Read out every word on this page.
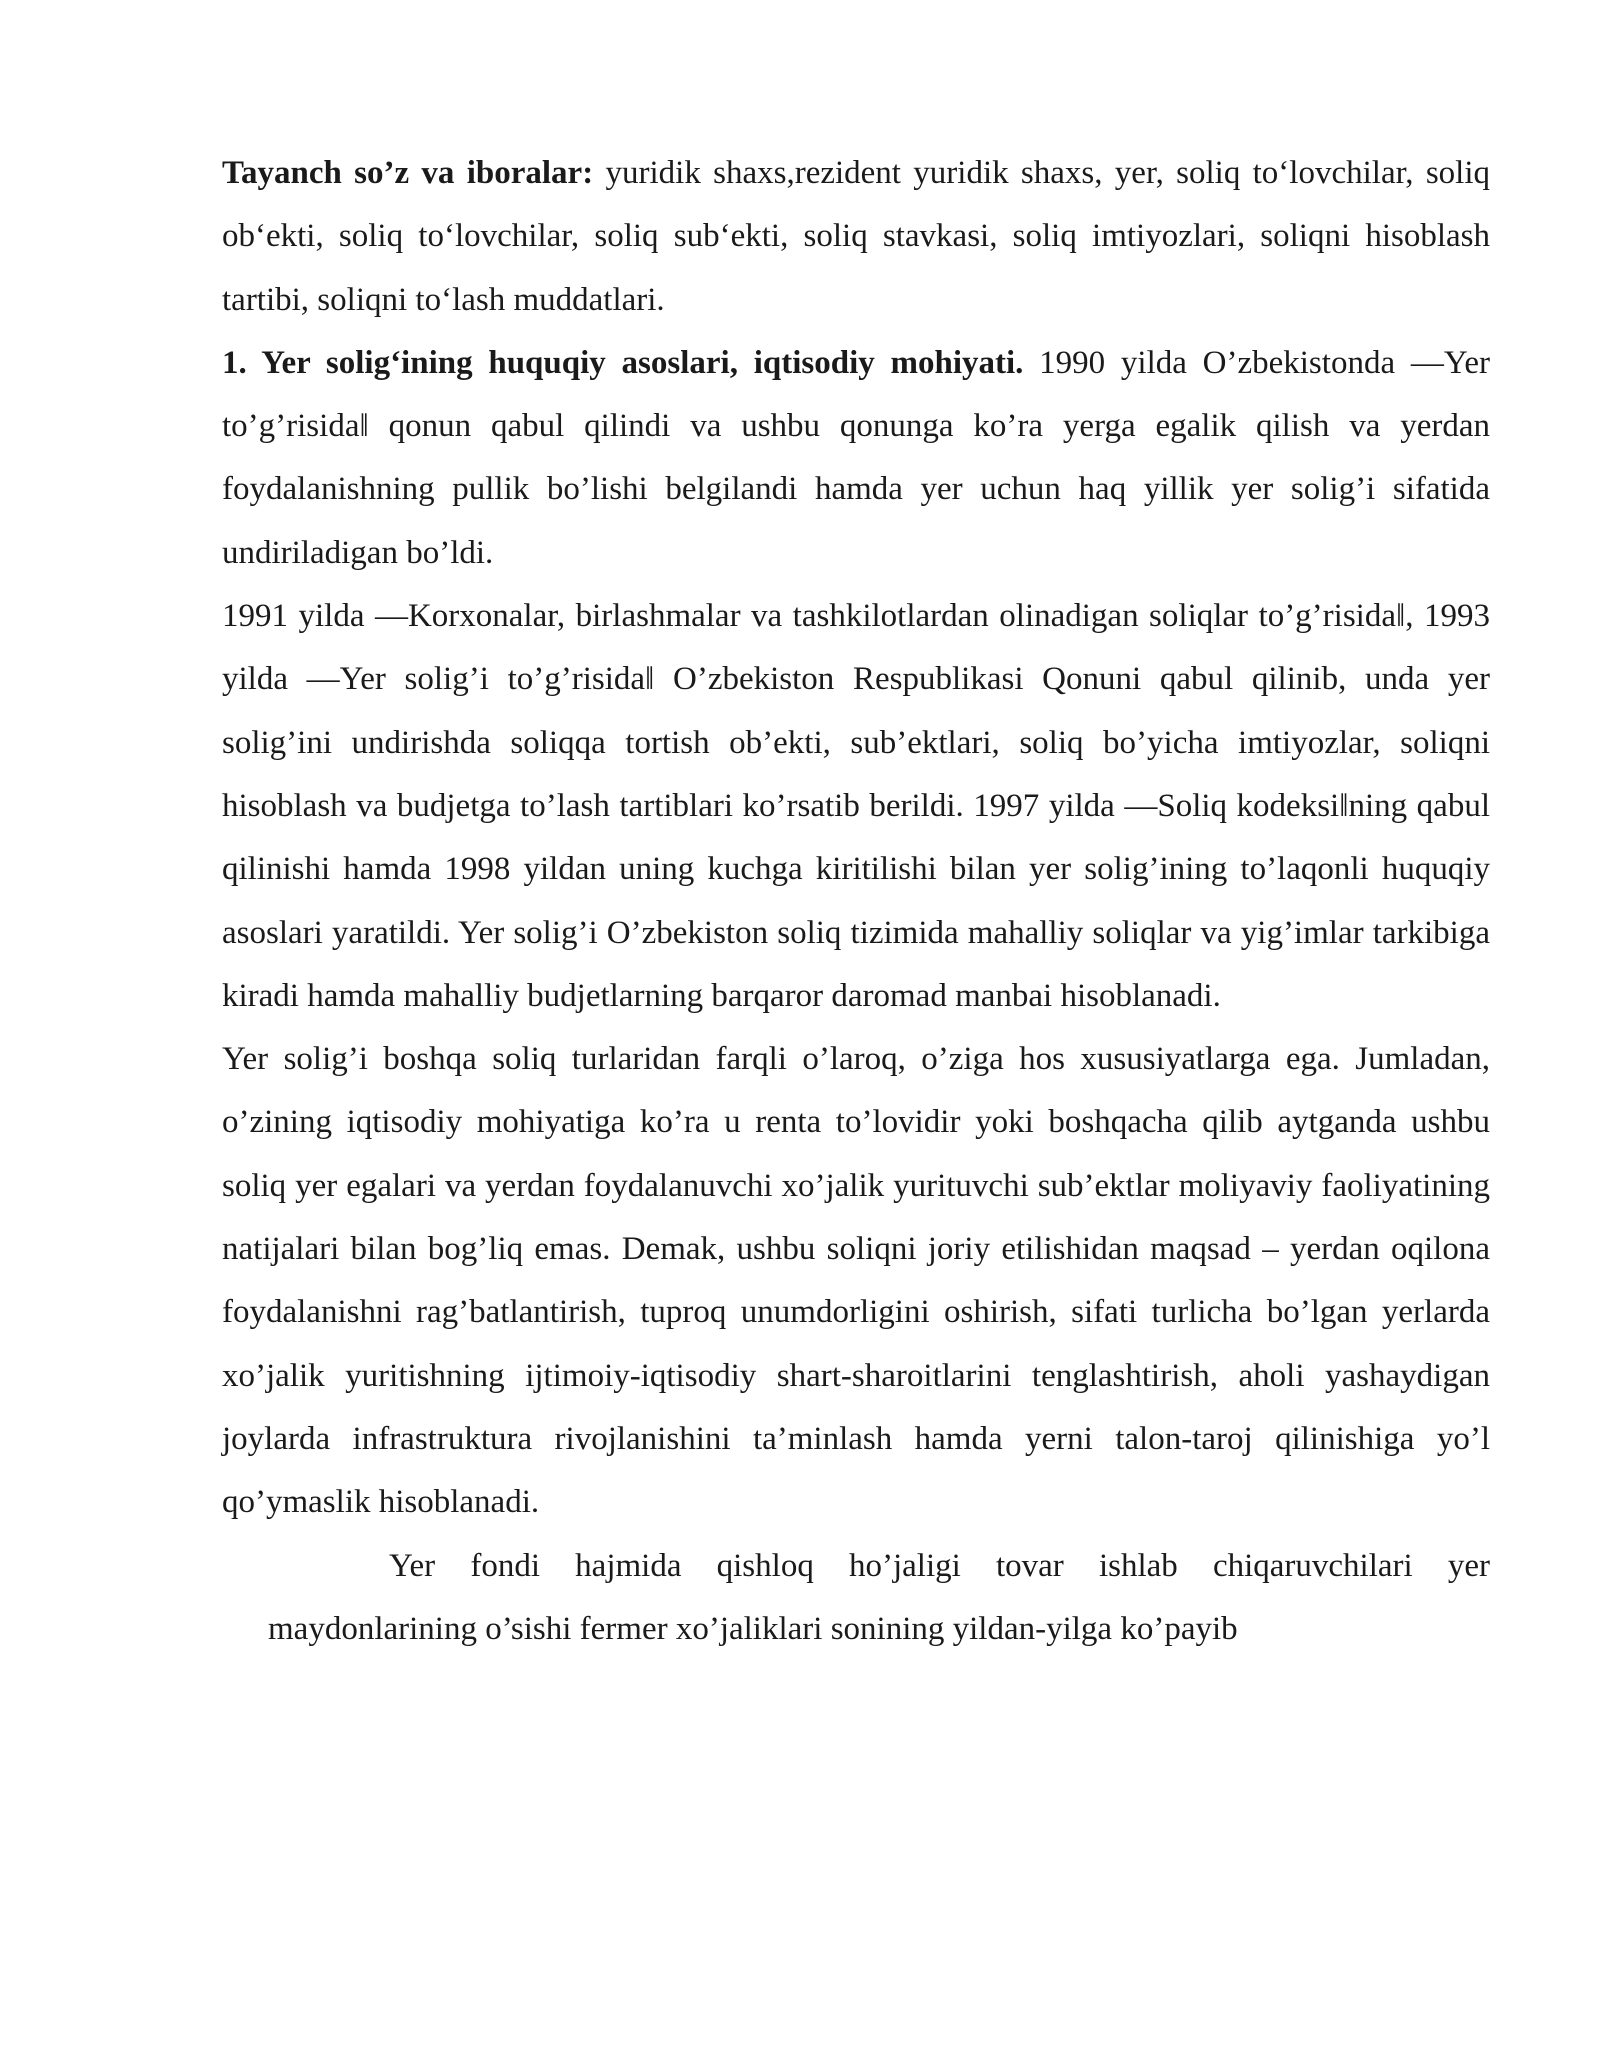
Tayanch so’z va iboralar: yuridik shaxs,rezident yuridik shaxs, yer, soliq to‘lovchilar, soliq ob‘ekti, soliq to‘lovchilar, soliq sub‘ekti, soliq stavkasi, soliq imtiyozlari, soliqni hisoblash tartibi, soliqni to‘lash muddatlari.

1. Yer solig‘ining huquqiy asoslari, iqtisodiy mohiyati. 1990 yilda O’zbekistonda ―Yer to’g’risida‖ qonun qabul qilindi va ushbu qonunga ko’ra yerga egalik qilish va yerdan foydalanishning pullik bo’lishi belgilandi hamda yer uchun haq yillik yer solig’i sifatida undiriladigan bo’ldi.

1991 yilda ―Korxonalar, birlashmalar va tashkilotlardan olinadigan soliqlar to’g’risida‖, 1993 yilda ―Yer solig’i to’g’risida‖ O’zbekiston Respublikasi Qonuni qabul qilinib, unda yer solig’ini undirishda soliqqa tortish ob’ekti, sub’ektlari, soliq bo’yicha imtiyozlar, soliqni hisoblash va budjetga to’lash tartiblari ko’rsatib berildi. 1997 yilda ―Soliq kodeksi‖ning qabul qilinishi hamda 1998 yildan uning kuchga kiritilishi bilan yer solig’ining to’laqonli huquqiy asoslari yaratildi. Yer solig’i O’zbekiston soliq tizimida mahalliy soliqlar va yig’imlar tarkibiga kiradi hamda mahalliy budjetlarning barqaror daromad manbai hisoblanadi.

Yer solig’i boshqa soliq turlaridan farqli o’laroq, o’ziga hos xususiyatlarga ega. Jumladan, o’zining iqtisodiy mohiyatiga ko’ra u renta to’lovidir yoki boshqacha qilib aytganda ushbu soliq yer egalari va yerdan foydalanuvchi xo’jalik yurituvchi sub’ektlar moliyaviy faoliyatining natijalari bilan bog’liq emas. Demak, ushbu soliqni joriy etilishidan maqsad – yerdan oqilona foydalanishni rag’batlantirish, tuproq unumdorligini oshirish, sifati turlicha bo’lgan yerlarda xo’jalik yuritishning ijtimoiy-iqtisodiy shart-sharoitlarini tenglashtirish, aholi yashaydigan joylarda infrastruktura rivojlanishini ta’minlash hamda yerni talon-taroj qilinishiga yo’l qo’ymaslik hisoblanadi.

Yer fondi hajmida qishloq ho’jaligi tovar ishlab chiqaruvchilari yer maydonlarining o’sishi fermer xo’jaliklari sonining yildan-yilga ko’payib
